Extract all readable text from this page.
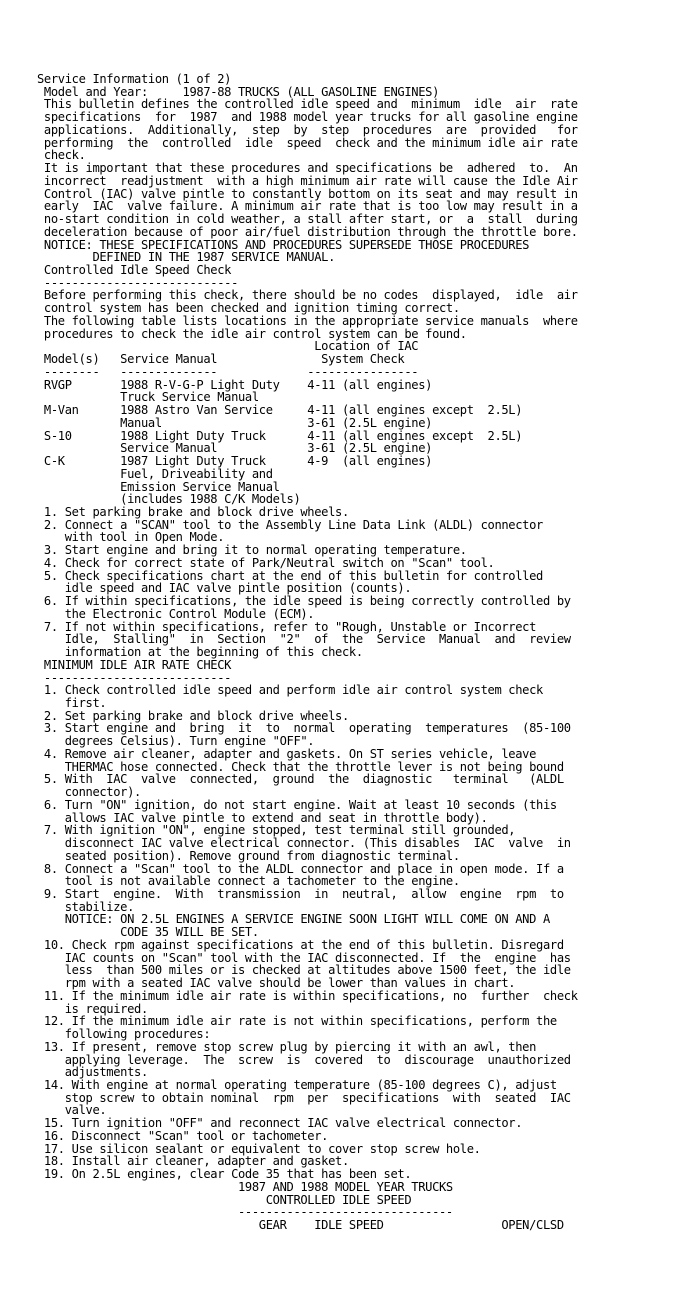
Service Information (1 of 2)
Model and Year:     1987-88 TRUCKS (ALL GASOLINE ENGINES)
This bulletin defines the controlled idle speed and  minimum  idle  air  rate
specifications  for  1987  and 1988 model year trucks for all gasoline engine
applications.  Additionally,  step  by  step  procedures  are  provided   for
performing  the  controlled  idle  speed  check and the minimum idle air rate
check.
It is important that these procedures and specifications be  adhered  to.  An
incorrect  readjustment  with a high minimum air rate will cause the Idle Air
Control (IAC) valve pintle to constantly bottom on its seat and may result in
early  IAC  valve failure. A minimum air rate that is too low may result in a
no-start condition in cold weather, a stall after start, or  a  stall  during
deceleration because of poor air/fuel distribution through the throttle bore.
NOTICE: THESE SPECIFICATIONS AND PROCEDURES SUPERSEDE THOSE PROCEDURES
DEFINED IN THE 1987 SERVICE MANUAL.
Controlled Idle Speed Check
----------------------------
Before performing this check, there should be no codes  displayed,  idle  air
control system has been checked and ignition timing correct.
The following table lists locations in the appropriate service manuals  where
procedures to check the idle air control system can be found.
Location of IAC
Model(s)   Service Manual               System Check
--------   --------------             ----------------
RVGP       1988 R-V-G-P Light Duty    4-11 (all engines)
Truck Service Manual
M-Van      1988 Astro Van Service     4-11 (all engines except  2.5L)
Manual                     3-61 (2.5L engine)
S-10       1988 Light Duty Truck      4-11 (all engines except  2.5L)
Service Manual             3-61 (2.5L engine)
C-K        1987 Light Duty Truck      4-9  (all engines)
Fuel, Driveability and
Emission Service Manual
(includes 1988 C/K Models)
1. Set parking brake and block drive wheels.
2. Connect a "SCAN" tool to the Assembly Line Data Link (ALDL) connector
with tool in Open Mode.
3. Start engine and bring it to normal operating temperature.
4. Check for correct state of Park/Neutral switch on "Scan" tool.
5. Check specifications chart at the end of this bulletin for controlled
idle speed and IAC valve pintle position (counts).
6. If within specifications, the idle speed is being correctly controlled by
the Electronic Control Module (ECM).
7. If not within specifications, refer to "Rough, Unstable or Incorrect
Idle,  Stalling"  in  Section  "2"  of  the  Service  Manual  and  review
information at the beginning of this check.
MINIMUM IDLE AIR RATE CHECK
---------------------------
1. Check controlled idle speed and perform idle air control system check
first.
2. Set parking brake and block drive wheels.
3. Start engine and  bring  it  to  normal  operating  temperatures  (85-100
degrees Celsius). Turn engine "OFF".
4. Remove air cleaner, adapter and gaskets. On ST series vehicle, leave
THERMAC hose connected. Check that the throttle lever is not being bound
5. With  IAC  valve  connected,  ground  the  diagnostic   terminal   (ALDL
connector).
6. Turn "ON" ignition, do not start engine. Wait at least 10 seconds (this
allows IAC valve pintle to extend and seat in throttle body).
7. With ignition "ON", engine stopped, test terminal still grounded,
disconnect IAC valve electrical connector. (This disables  IAC  valve  in
seated position). Remove ground from diagnostic terminal.
8. Connect a "Scan" tool to the ALDL connector and place in open mode. If a
tool is not available connect a tachometer to the engine.
9. Start  engine.  With  transmission  in  neutral,  allow  engine  rpm  to
stabilize.
NOTICE: ON 2.5L ENGINES A SERVICE ENGINE SOON LIGHT WILL COME ON AND A
CODE 35 WILL BE SET.
10. Check rpm against specifications at the end of this bulletin. Disregard
IAC counts on "Scan" tool with the IAC disconnected. If  the  engine  has
less  than 500 miles or is checked at altitudes above 1500 feet, the idle
rpm with a seated IAC valve should be lower than values in chart.
11. If the minimum idle air rate is within specifications, no  further  check
is required.
12. If the minimum idle air rate is not within specifications, perform the
following procedures:
13. If present, remove stop screw plug by piercing it with an awl, then
applying leverage.  The  screw  is  covered  to  discourage  unauthorized
adjustments.
14. With engine at normal operating temperature (85-100 degrees C), adjust
stop screw to obtain nominal  rpm  per  specifications  with  seated  IAC
valve.
15. Turn ignition "OFF" and reconnect IAC valve electrical connector.
16. Disconnect "Scan" tool or tachometer.
17. Use silicon sealant or equivalent to cover stop screw hole.
18. Install air cleaner, adapter and gasket.
19. On 2.5L engines, clear Code 35 that has been set.
1987 AND 1988 MODEL YEAR TRUCKS
CONTROLLED IDLE SPEED
-------------------------------
GEAR    IDLE SPEED                 OPEN/CLSD
